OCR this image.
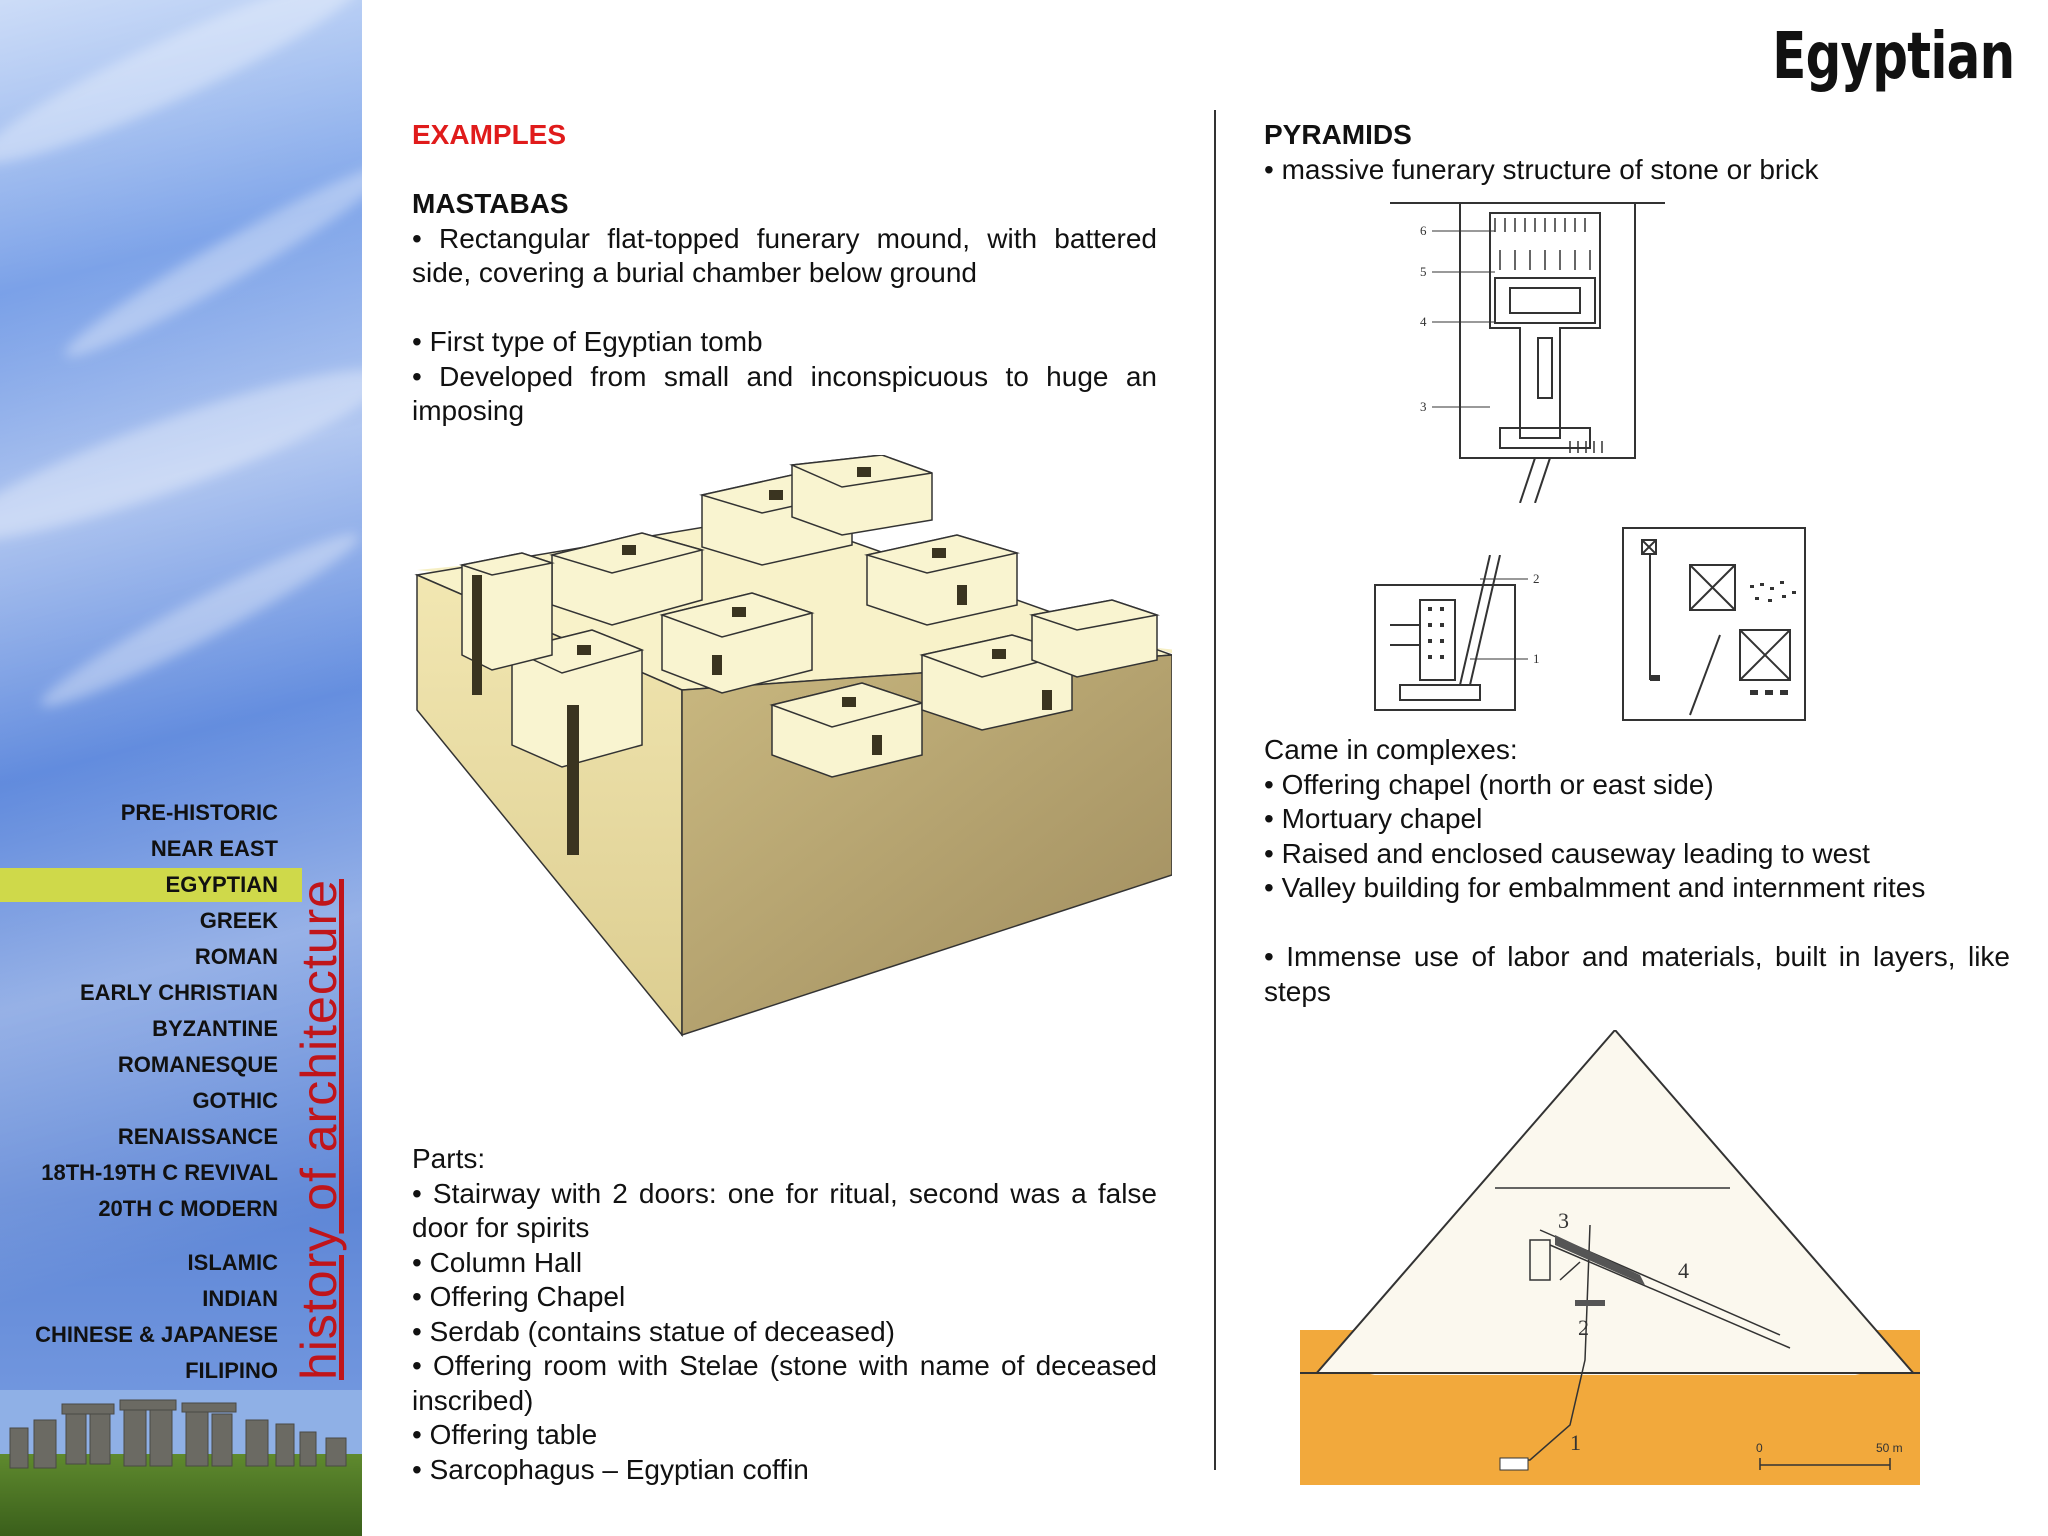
PRE-HISTORIC
NEAR EAST
EGYPTIAN
GREEK
ROMAN
EARLY CHRISTIAN
BYZANTINE
ROMANESQUE
GOTHIC
RENAISSANCE
18TH-19TH C REVIVAL
20TH C MODERN
ISLAMIC
INDIAN
CHINESE & JAPANESE
FILIPINO history of architecture
Egyptian
EXAMPLES
MASTABAS
• Rectangular flat-topped funerary mound, with battered side, covering a burial chamber below ground
• First type of Egyptian tomb
• Developed from small and inconspicuous to huge an imposing
Parts:
• Stairway with 2 doors: one for ritual, second was a false door for spirits
• Column Hall
• Offering Chapel
• Serdab (contains statue of deceased)
• Offering room with Stelae (stone with name of deceased inscribed)
• Offering table
• Sarcophagus – Egyptian coffin
PYRAMIDS
• massive funerary structure of stone or brick
6
5
4
3
2
1
Came in complexes:
• Offering chapel (north or east side)
• Mortuary chapel
• Raised and enclosed causeway leading to west
• Valley building for embalmment and internment rites
• Immense use of labor and materials, built in layers, like steps
3
4
2
1	0	50 m
